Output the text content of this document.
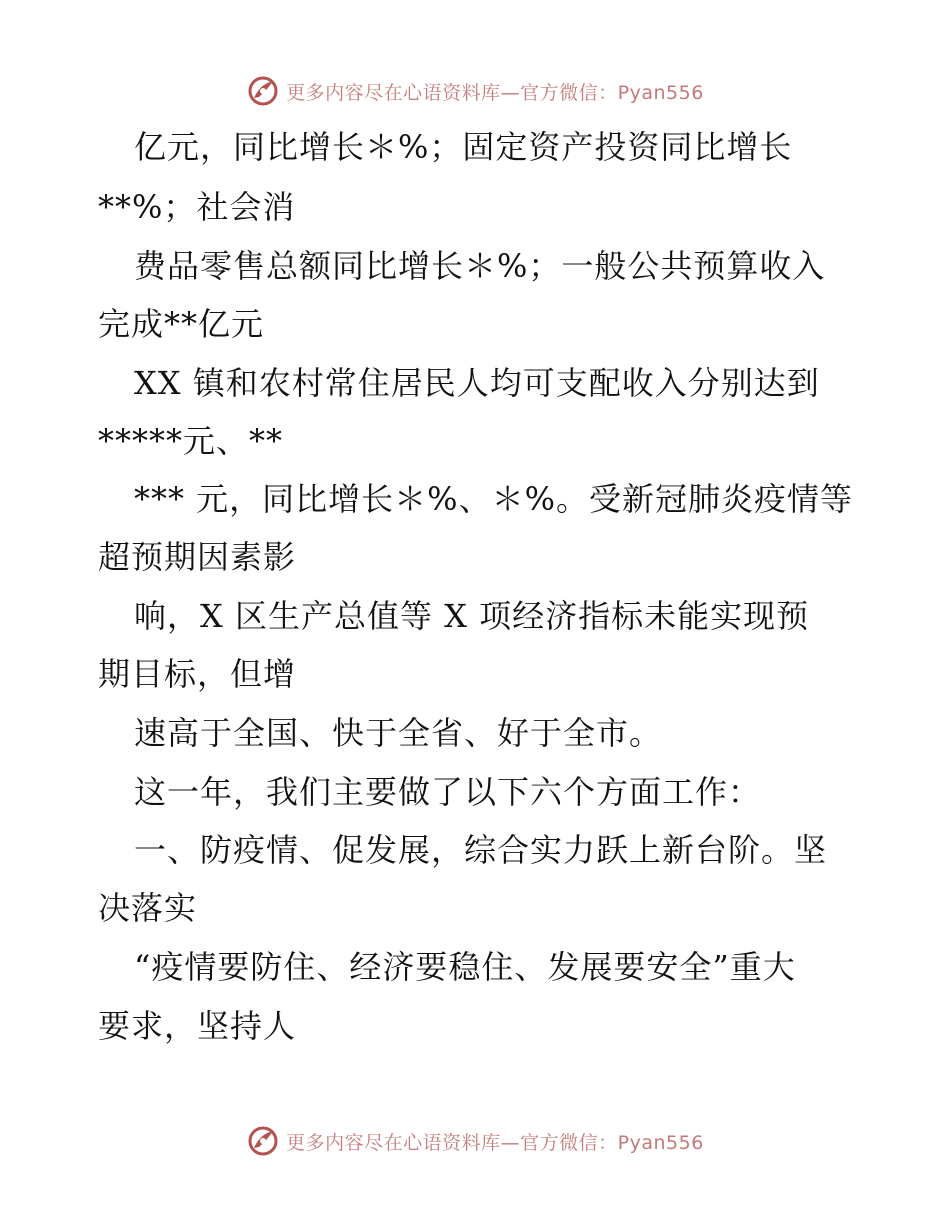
更多内容尽在心语资料库—官方微信：Pyan556
亿元，同比增长＊%；固定资产投资同比增长
**%；社会消
费品零售总额同比增长＊%；一般公共预算收入
完成**亿元
XX 镇和农村常住居民人均可支配收入分别达到
*****元、**
*** 元，同比增长＊%、＊%。受新冠肺炎疫情等
超预期因素影
响，X 区生产总值等 X 项经济指标未能实现预
期目标，但增
速高于全国、快于全省、好于全市。
这一年，我们主要做了以下六个方面工作：
一、防疫情、促发展，综合实力跃上新台阶。坚
决落实
“疫情要防住、经济要稳住、发展要安全”重大
要求，坚持人
更多内容尽在心语资料库—官方微信：Pyan556
